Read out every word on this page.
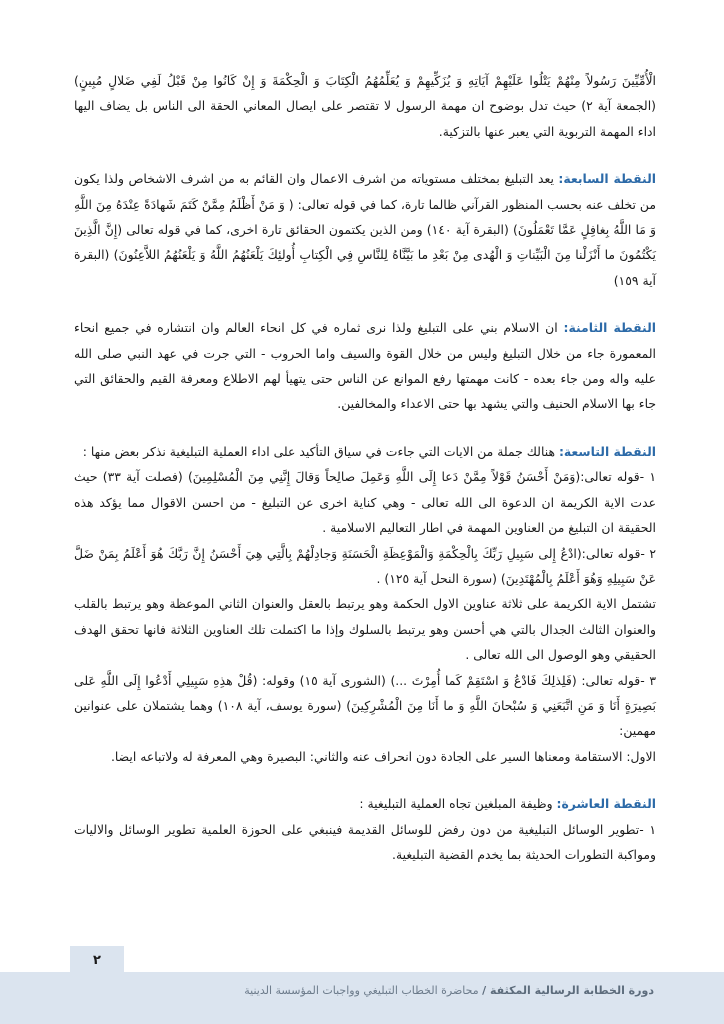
الْأُمِّيِّينَ رَسُولاً مِنْهُمْ يَتْلُوا عَلَيْهِمْ آيَاتِهِ وَ يُزَكِّيهِمْ وَ يُعَلِّمُهُمُ الْكِتَابَ وَ الْحِكْمَةَ وَ إِنْ كَانُوا مِنْ قَبْلُ لَفِي ضَلالٍ مُبِينٍ) (الجمعة آية ٢) حيث تدل بوضوح ان مهمة الرسول لا تقتصر على ايصال المعاني الحقة الى الناس بل يضاف اليها اداء المهمة التربوية التي يعبر عنها بالتزكية.

النقطة السابعة: يعد التبليغ بمختلف مستوياته من اشرف الاعمال وان القائم به من اشرف الاشخاص ولذا يكون من تخلف عنه بحسب المنظور القرآني ظالما تارة، كما في قوله تعالى: ( وَ مَنْ أَظْلَمُ مِمَّنْ كَتَمَ شَهادَةً عِنْدَهُ مِنَ اللَّهِ وَ مَا اللَّهُ بِغافِلٍ عَمَّا تَعْمَلُونَ) (البقرة آية ١٤٠) ومن الذين يكتمون الحقائق تارة اخرى، كما في قوله تعالى (إِنَّ الَّذِينَ يَكْتُمُونَ ما أَنْزَلْنا مِنَ الْبَيِّناتِ وَ الْهُدى مِنْ بَعْدِ ما بَيَّنَّاهُ لِلنَّاسِ فِي الْكِتابِ أُولئِكَ يَلْعَنُهُمُ اللَّهُ وَ يَلْعَنُهُمُ اللاَّعِنُونَ) (البقرة آية ١٥٩)

النقطة الثامنة: ان الاسلام بني على التبليغ ولذا نرى ثماره في كل انحاء العالم وان انتشاره في جميع انحاء المعمورة جاء من خلال التبليغ وليس من خلال القوة والسيف واما الحروب - التي جرت في عهد النبي صلى الله عليه واله ومن جاء بعده - كانت مهمتها رفع الموانع عن الناس حتى يتهيأ لهم الاطلاع ومعرفة القيم والحقائق التي جاء بها الاسلام الحنيف والتي يشهد بها حتى الاعداء والمخالفين.

النقطة التاسعة: هنالك جملة من الايات التي جاءت في سياق التأكيد على اداء العملية التبليغية نذكر بعض منها :

١ -قوله تعالى:(وَمَنْ أَحْسَنُ قَوْلاً مِمَّنْ دَعا إِلَى اللَّهِ وَعَمِلَ صالِحاً وَقالَ إِنَّنِي مِنَ الْمُسْلِمِينَ) (فصلت آية ٣٣) حيث عدت الاية الكريمة ان الدعوة الى الله تعالى - وهي كناية اخرى عن التبليغ - من احسن الاقوال مما يؤكد هذه الحقيقة ان التبليغ من العناوين المهمة في اطار التعاليم الاسلامية .

٢ -قوله تعالى:(ادْعُ إِلى سَبِيلِ رَبِّكَ بِالْحِكْمَةِ وَالْمَوْعِظَةِ الْحَسَنَةِ وَجادِلْهُمْ بِالَّتِي هِيَ أَحْسَنُ إِنَّ رَبَّكَ هُوَ أَعْلَمُ بِمَنْ ضَلَّ عَنْ سَبِيلِهِ وَهُوَ أَعْلَمُ بِالْمُهْتَدِينَ) (سورة النحل آية ١٢٥) .

تشتمل الاية الكريمة على ثلاثة عناوين الاول الحكمة وهو يرتبط بالعقل والعنوان الثاني الموعظة وهو يرتبط بالقلب والعنوان الثالث الجدال بالتي هي أحسن وهو يرتبط بالسلوك وإذا ما اكتملت تلك العناوين الثلاثة فانها تحقق الهدف الحقيقي وهو الوصول الى الله تعالى .

٣ -قوله تعالى: (فَلِذلِكَ فَادْعُ وَ اسْتَقِمْ كَما أُمِرْتَ ...) (الشورى آية ١٥) وقوله: (قُلْ هذِهِ سَبِيلِي أَدْعُوا إِلَى اللَّهِ عَلى بَصِيرَةٍ أَنَا وَ مَنِ اتَّبَعَنِي وَ سُبْحانَ اللَّهِ وَ ما أَنَا مِنَ الْمُشْرِكِينَ) (سورة يوسف، آية ١٠٨) وهما يشتملان على عنوانين مهمين:

الاول: الاستقامة ومعناها السير على الجادة دون انحراف عنه والثاني: البصيرة وهي المعرفة له ولاتباعه ايضا.

النقطة العاشرة: وظيفة المبلغين تجاه العملية التبليغية :

١ -تطوير الوسائل التبليغية من دون رفض للوسائل القديمة فينبغي على الحوزة العلمية تطوير الوسائل والاليات ومواكبة التطورات الحديثة بما يخدم القضية التبليغية.

٢
دورة الخطابة الرسالية المكثفة / محاضرة الخطاب التبليغي وواجبات المؤسسة الدينية
